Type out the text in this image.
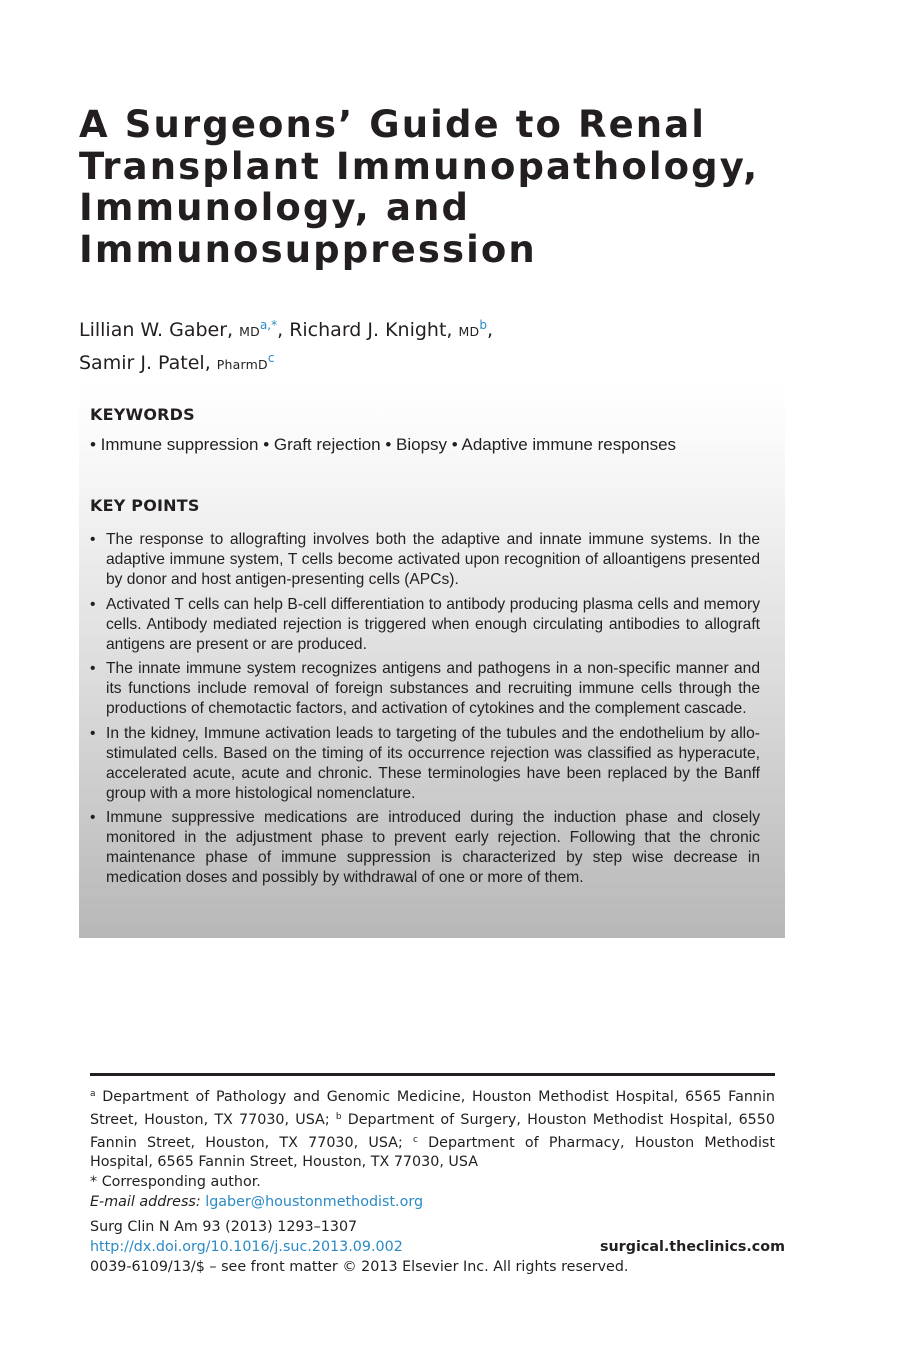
A Surgeons’ Guide to Renal
Transplant Immunopathology,
Immunology, and
Immunosuppression
Lillian W. Gaber, $MD^{a,*}$, Richard J. Knight, $MD^b$,
Samir J. Patel, PharmD$^c$
KEYWORDS

• Immune suppression • Graft rejection • Biopsy • Adaptive immune responses

KEY POINTS
• The response to allografting involves both the adaptive and innate immune systems. In the adaptive immune system, T cells become activated upon recognition of alloantigens presented by donor and host antigen-presenting cells (APCs).
• Activated T cells can help B-cell differentiation to antibody producing plasma cells and memory cells. Antibody mediated rejection is triggered when enough circulating antibodies to allograft antigens are present or are produced.
• The innate immune system recognizes antigens and pathogens in a non-specific manner and its functions include removal of foreign substances and recruiting immune cells through the productions of chemotactic factors, and activation of cytokines and the complement cascade.
• In the kidney, Immune activation leads to targeting of the tubules and the endothelium by allo-stimulated cells. Based on the timing of its occurrence rejection was classified as hyperacute, accelerated acute, acute and chronic. These terminologies have been replaced by the Banff group with a more histological nomenclature.
• Immune suppressive medications are introduced during the induction phase and closely monitored in the adjustment phase to prevent early rejection. Following that the chronic maintenance phase of immune suppression is characterized by step wise decrease in medication doses and possibly by withdrawal of one or more of them.

$^a$ Department of Pathology and Genomic Medicine, Houston Methodist Hospital, 6565 Fannin Street, Houston, TX 77030, USA; $^b$ Department of Surgery, Houston Methodist Hospital, 6550 Fannin Street, Houston, TX 77030, USA; $^c$ Department of Pharmacy, Houston Methodist Hospital, 6565 Fannin Street, Houston, TX 77030, USA

* Corresponding author.

E-mail address: lgaber@houstonmethodist.org

Surg Clin N Am 93 (2013) 1293–1307

http://dx.doi.org/10.1016/j.suc.2013.09.002

0039-6109/13/$ – see front matter © 2013 Elsevier Inc. All rights reserved.

surgical.theclinics.com
